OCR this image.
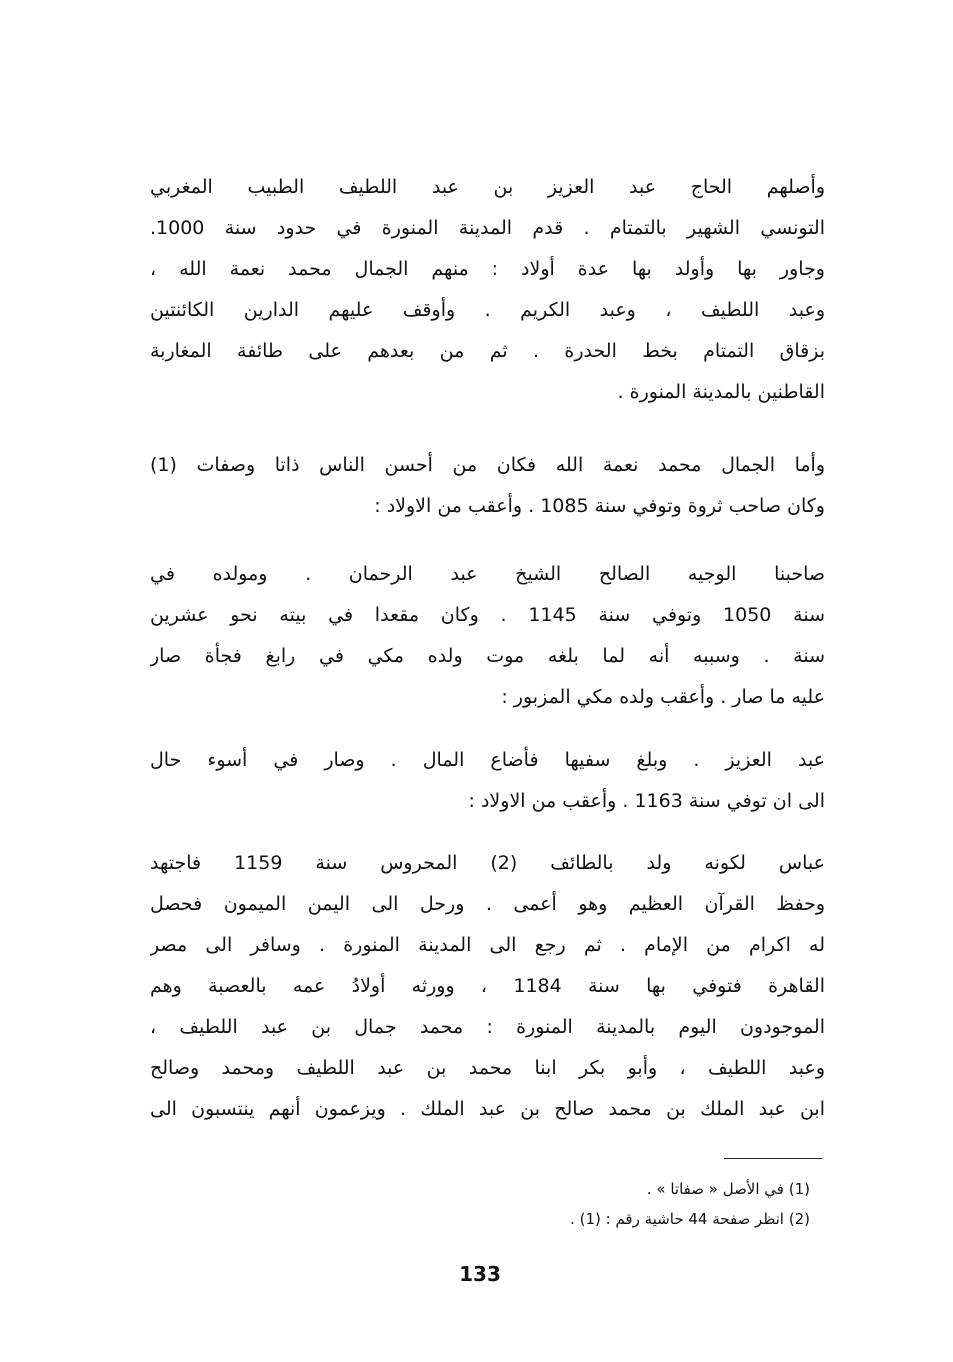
وأصلهم الحاج عبد العزيز بن عبد اللطيف الطبيب المغربي
التونسي الشهير بالتمتام . قدم المدينة المنورة في حدود سنة 1000.
وجاور بها وأولد بها عدة أولاد : منهم الجمال محمد نعمة الله ،
وعبد اللطيف ، وعبد الكريم . وأوقف عليهم الدارين الكائنتين
بزقاق التمتام بخط الحدرة . ثم من بعدهم على طائفة المغاربة
القاطنين بالمدينة المنورة .
وأما الجمال محمد نعمة الله فكان من أحسن الناس ذاتا وصفات (1)
وكان صاحب ثروة وتوفي سنة 1085 . وأعقب من الاولاد :
صاحبنا الوجيه الصالح الشيخ عبد الرحمان . ومولده في
سنة 1050 وتوفي سنة 1145 . وكان مقعدا في بيته نحو عشرين
سنة . وسببه أنه لما بلغه موت ولده مكي في رابغ فجأة صار
عليه ما صار . وأعقب ولده مكي المزبور :
عبد العزيز . وبلغ سفيها فأضاع المال . وصار في أسوء حال
الى ان توفي سنة 1163 . وأعقب من الاولاد :
عباس لكونه ولد بالطائف (2) المحروس سنة 1159 فاجتهد
وحفظ القرآن العظيم وهو أعمى . ورحل الى اليمن الميمون فحصل
له اكرام من الإمام . ثم رجع الى المدينة المنورة . وسافر الى مصر
القاهرة فتوفي بها سنة 1184 ، وورثه أولادُ عمه بالعصبة وهم
الموجودون اليوم بالمدينة المنورة : محمد جمال بن عبد اللطيف ،
وعبد اللطيف ، وأبو بكر ابنا محمد بن عبد اللطيف ومحمد وصالح
ابن عبد الملك بن محمد صالح بن عبد الملك . ويزعمون أنهم ينتسبون الى
(1) في الأصل « صفاتا » .
(2) انظر صفحة 44 حاشية رقم : (1) .
133
